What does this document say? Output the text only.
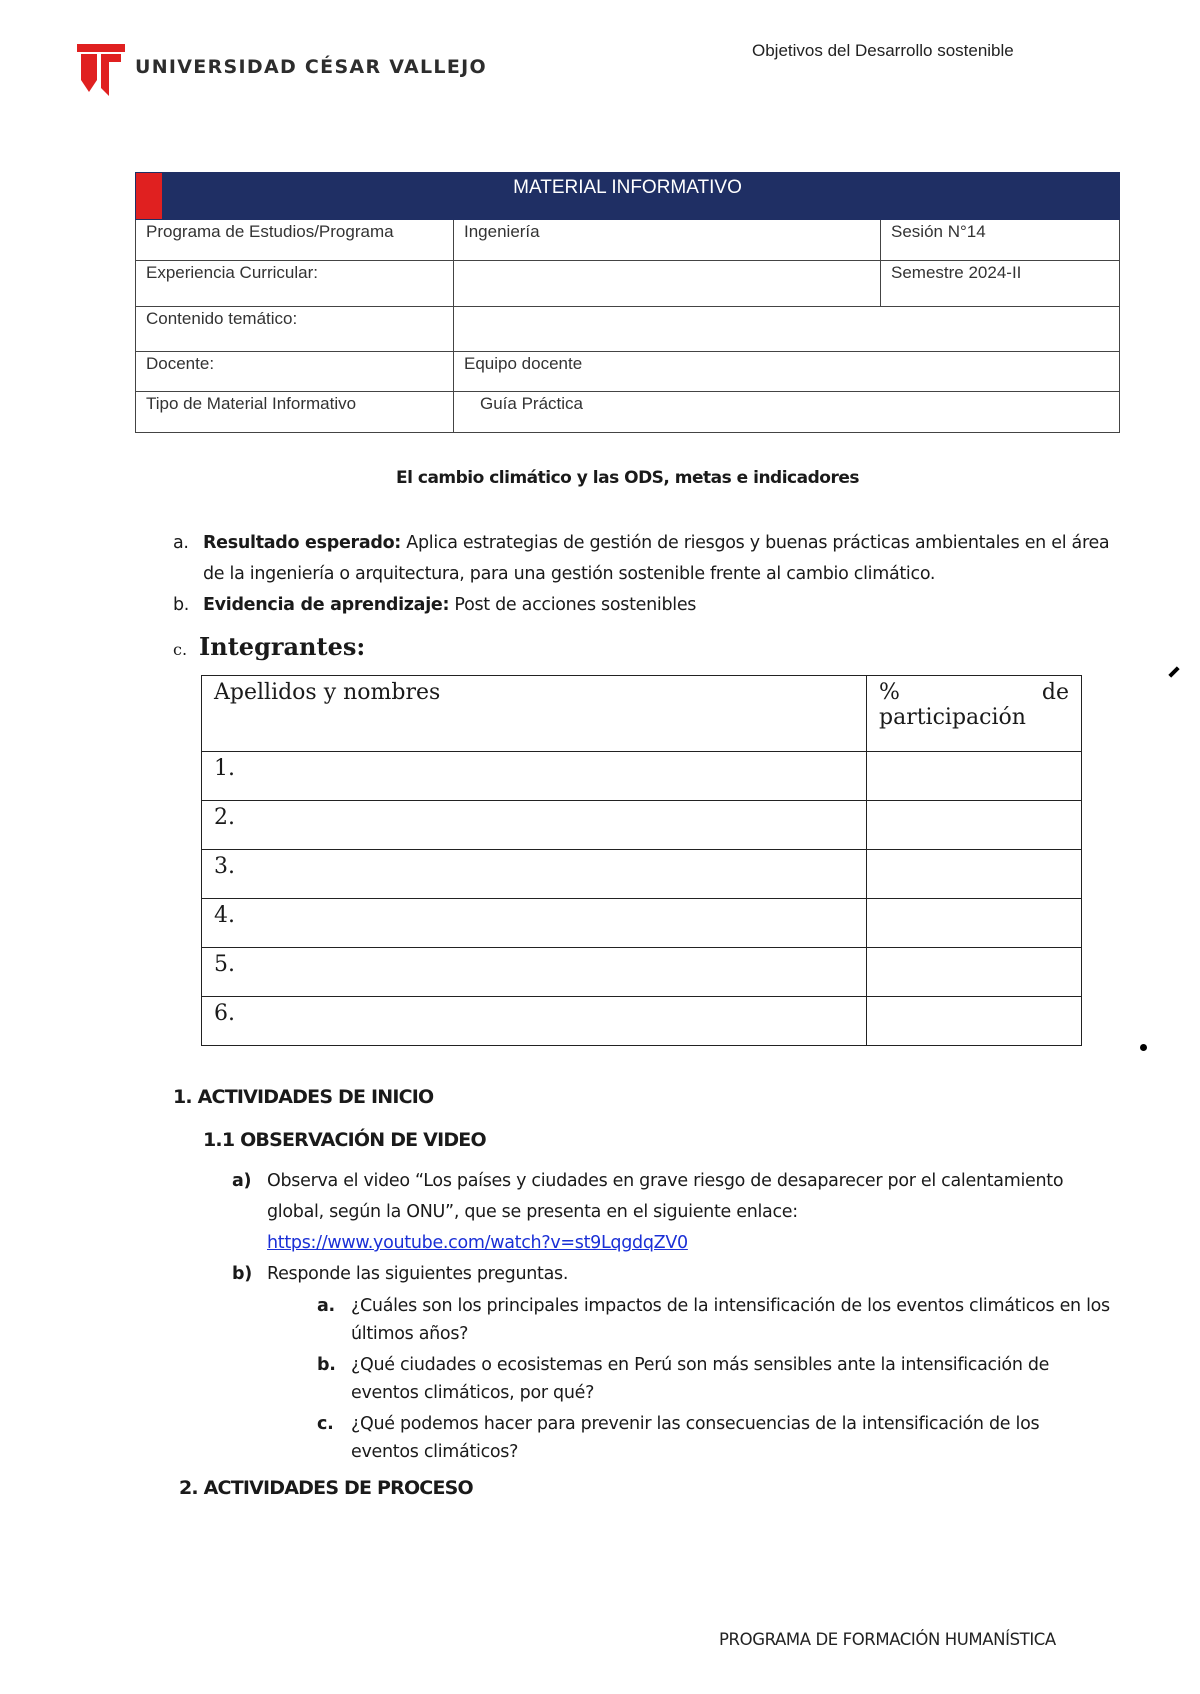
UNIVERSIDAD CÉSAR VALLEJO
Objetivos del Desarrollo sostenible
MATERIAL INFORMATIVO		
Programa de Estudios/Programa	Ingeniería	Sesión N°14
Experiencia Curricular:		Semestre 2024-II
Contenido temático:		
Docente:	Equipo docente	
Tipo de Material Informativo	Guía Práctica	
El cambio climático y las ODS, metas e indicadores
a. Resultado esperado: Aplica estrategias de gestión de riesgos y buenas prácticas ambientales en el área de la ingeniería o arquitectura, para una gestión sostenible frente al cambio climático.
b. Evidencia de aprendizaje: Post de acciones sostenibles
c. Integrantes:
Apellidos y nombres	% de
participación

1.	
2.	
3.	
4.	
5.	
6.	
1. ACTIVIDADES DE INICIO
1.1 OBSERVACIÓN DE VIDEO
a) Observa el video “Los países y ciudades en grave riesgo de desaparecer por el calentamiento global, según la ONU”, que se presenta en el siguiente enlace:
https://www.youtube.com/watch?v=st9LqgdqZV0
b) Responde las siguientes preguntas.
a. ¿Cuáles son los principales impactos de la intensificación de los eventos climáticos en los últimos años?
b. ¿Qué ciudades o ecosistemas en Perú son más sensibles ante la intensificación de eventos climáticos, por qué?
c. ¿Qué podemos hacer para prevenir las consecuencias de la intensificación de los eventos climáticos?
2. ACTIVIDADES DE PROCESO
PROGRAMA DE FORMACIÓN HUMANÍSTICA
